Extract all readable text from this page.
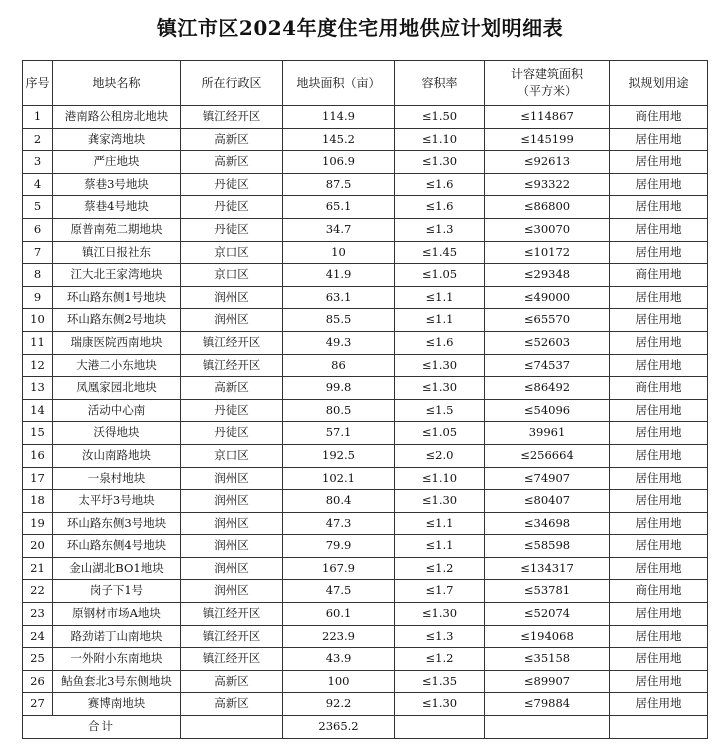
镇江市区2024年度住宅用地供应计划明细表
序号	地块名称	所在行政区	地块面积（亩）	容积率	计容建筑面积
（平方米）	拟规划用途
1	港南路公租房北地块	镇江经开区	114.9	≤1.50	≤114867	商住用地
2	龚家湾地块	高新区	145.2	≤1.10	≤145199	居住用地
3	严庄地块	高新区	106.9	≤1.30	≤92613	居住用地
4	蔡巷3号地块	丹徒区	87.5	≤1.6	≤93322	居住用地
5	蔡巷4号地块	丹徒区	65.1	≤1.6	≤86800	居住用地
6	原普南苑二期地块	丹徒区	34.7	≤1.3	≤30070	居住用地
7	镇江日报社东	京口区	10	≤1.45	≤10172	居住用地
8	江大北王家湾地块	京口区	41.9	≤1.05	≤29348	商住用地
9	环山路东侧1号地块	润州区	63.1	≤1.1	≤49000	居住用地
10	环山路东侧2号地块	润州区	85.5	≤1.1	≤65570	居住用地
11	瑞康医院西南地块	镇江经开区	49.3	≤1.6	≤52603	居住用地
12	大港二小东地块	镇江经开区	86	≤1.30	≤74537	居住用地
13	凤凰家园北地块	高新区	99.8	≤1.30	≤86492	商住用地
14	活动中心南	丹徒区	80.5	≤1.5	≤54096	居住用地
15	沃得地块	丹徒区	57.1	≤1.05	39961	居住用地
16	汝山南路地块	京口区	192.5	≤2.0	≤256664	居住用地
17	一泉村地块	润州区	102.1	≤1.10	≤74907	居住用地
18	太平圩3号地块	润州区	80.4	≤1.30	≤80407	居住用地
19	环山路东侧3号地块	润州区	47.3	≤1.1	≤34698	居住用地
20	环山路东侧4号地块	润州区	79.9	≤1.1	≤58598	居住用地
21	金山湖北BO1地块	润州区	167.9	≤1.2	≤134317	居住用地
22	岗子下1号	润州区	47.5	≤1.7	≤53781	商住用地
23	原钢材市场A地块	镇江经开区	60.1	≤1.30	≤52074	居住用地
24	路劲诺丁山南地块	镇江经开区	223.9	≤1.3	≤194068	居住用地
25	一外附小东南地块	镇江经开区	43.9	≤1.2	≤35158	居住用地
26	鲇鱼套北3号东侧地块	高新区	100	≤1.35	≤89907	居住用地
27	赛博南地块	高新区	92.2	≤1.30	≤79884	居住用地
合计			2365.2			
